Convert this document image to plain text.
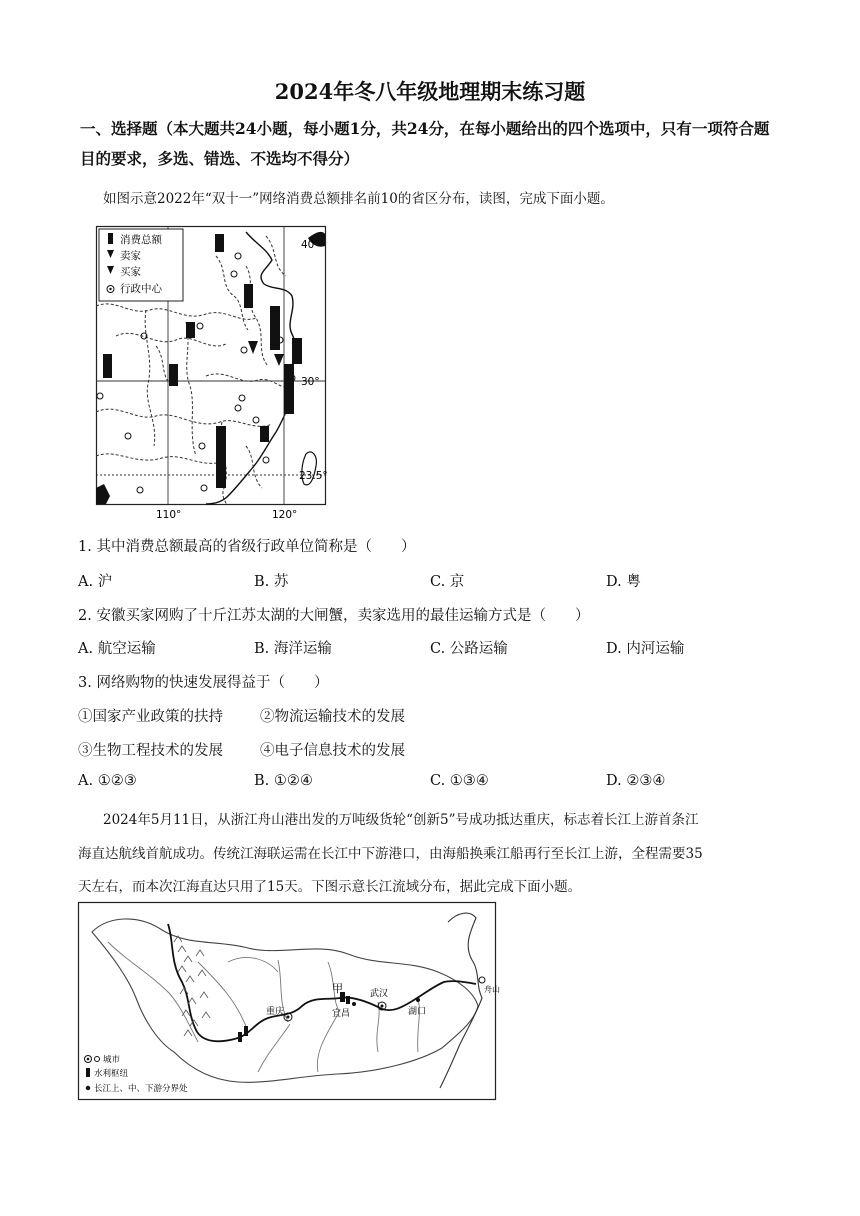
2024年冬八年级地理期末练习题
一、选择题（本大题共24小题，每小题1分，共24分，在每小题给出的四个选项中，只有一项符合题目的要求，多选、错选、不选均不得分）
如图示意2022年“双十一”网络消费总额排名前10的省区分布，读图，完成下面小题。
消费总额
卖家
买家
行政中心
40°
30°
23.5°
110°	120°
1. 其中消费总额最高的省级行政单位简称是（　　）
A. 沪	B. 苏	C. 京	D. 粤
2. 安徽买家网购了十斤江苏太湖的大闸蟹，卖家选用的最佳运输方式是（　　）
A. 航空运输	B. 海洋运输	C. 公路运输	D. 内河运输
3. 网络购物的快速发展得益于（　　）
①国家产业政策的扶持	②物流运输技术的发展
③生物工程技术的发展	④电子信息技术的发展
A. ①②③	B. ①②④	C. ①③④	D. ②③④
2024年5月11日，从浙江舟山港出发的万吨级货轮“创新5”号成功抵达重庆，标志着长江上游首条江
海直达航线首航成功。传统江海联运需在长江中下游港口，由海船换乘江船再行至长江上游，全程需要35
天左右，而本次江海直达只用了15天。下图示意长江流域分布，据此完成下面小题。
甲	武汉
重庆	宜昌	湖口
舟山
城市
水利枢纽
长江上、中、下游分界处
